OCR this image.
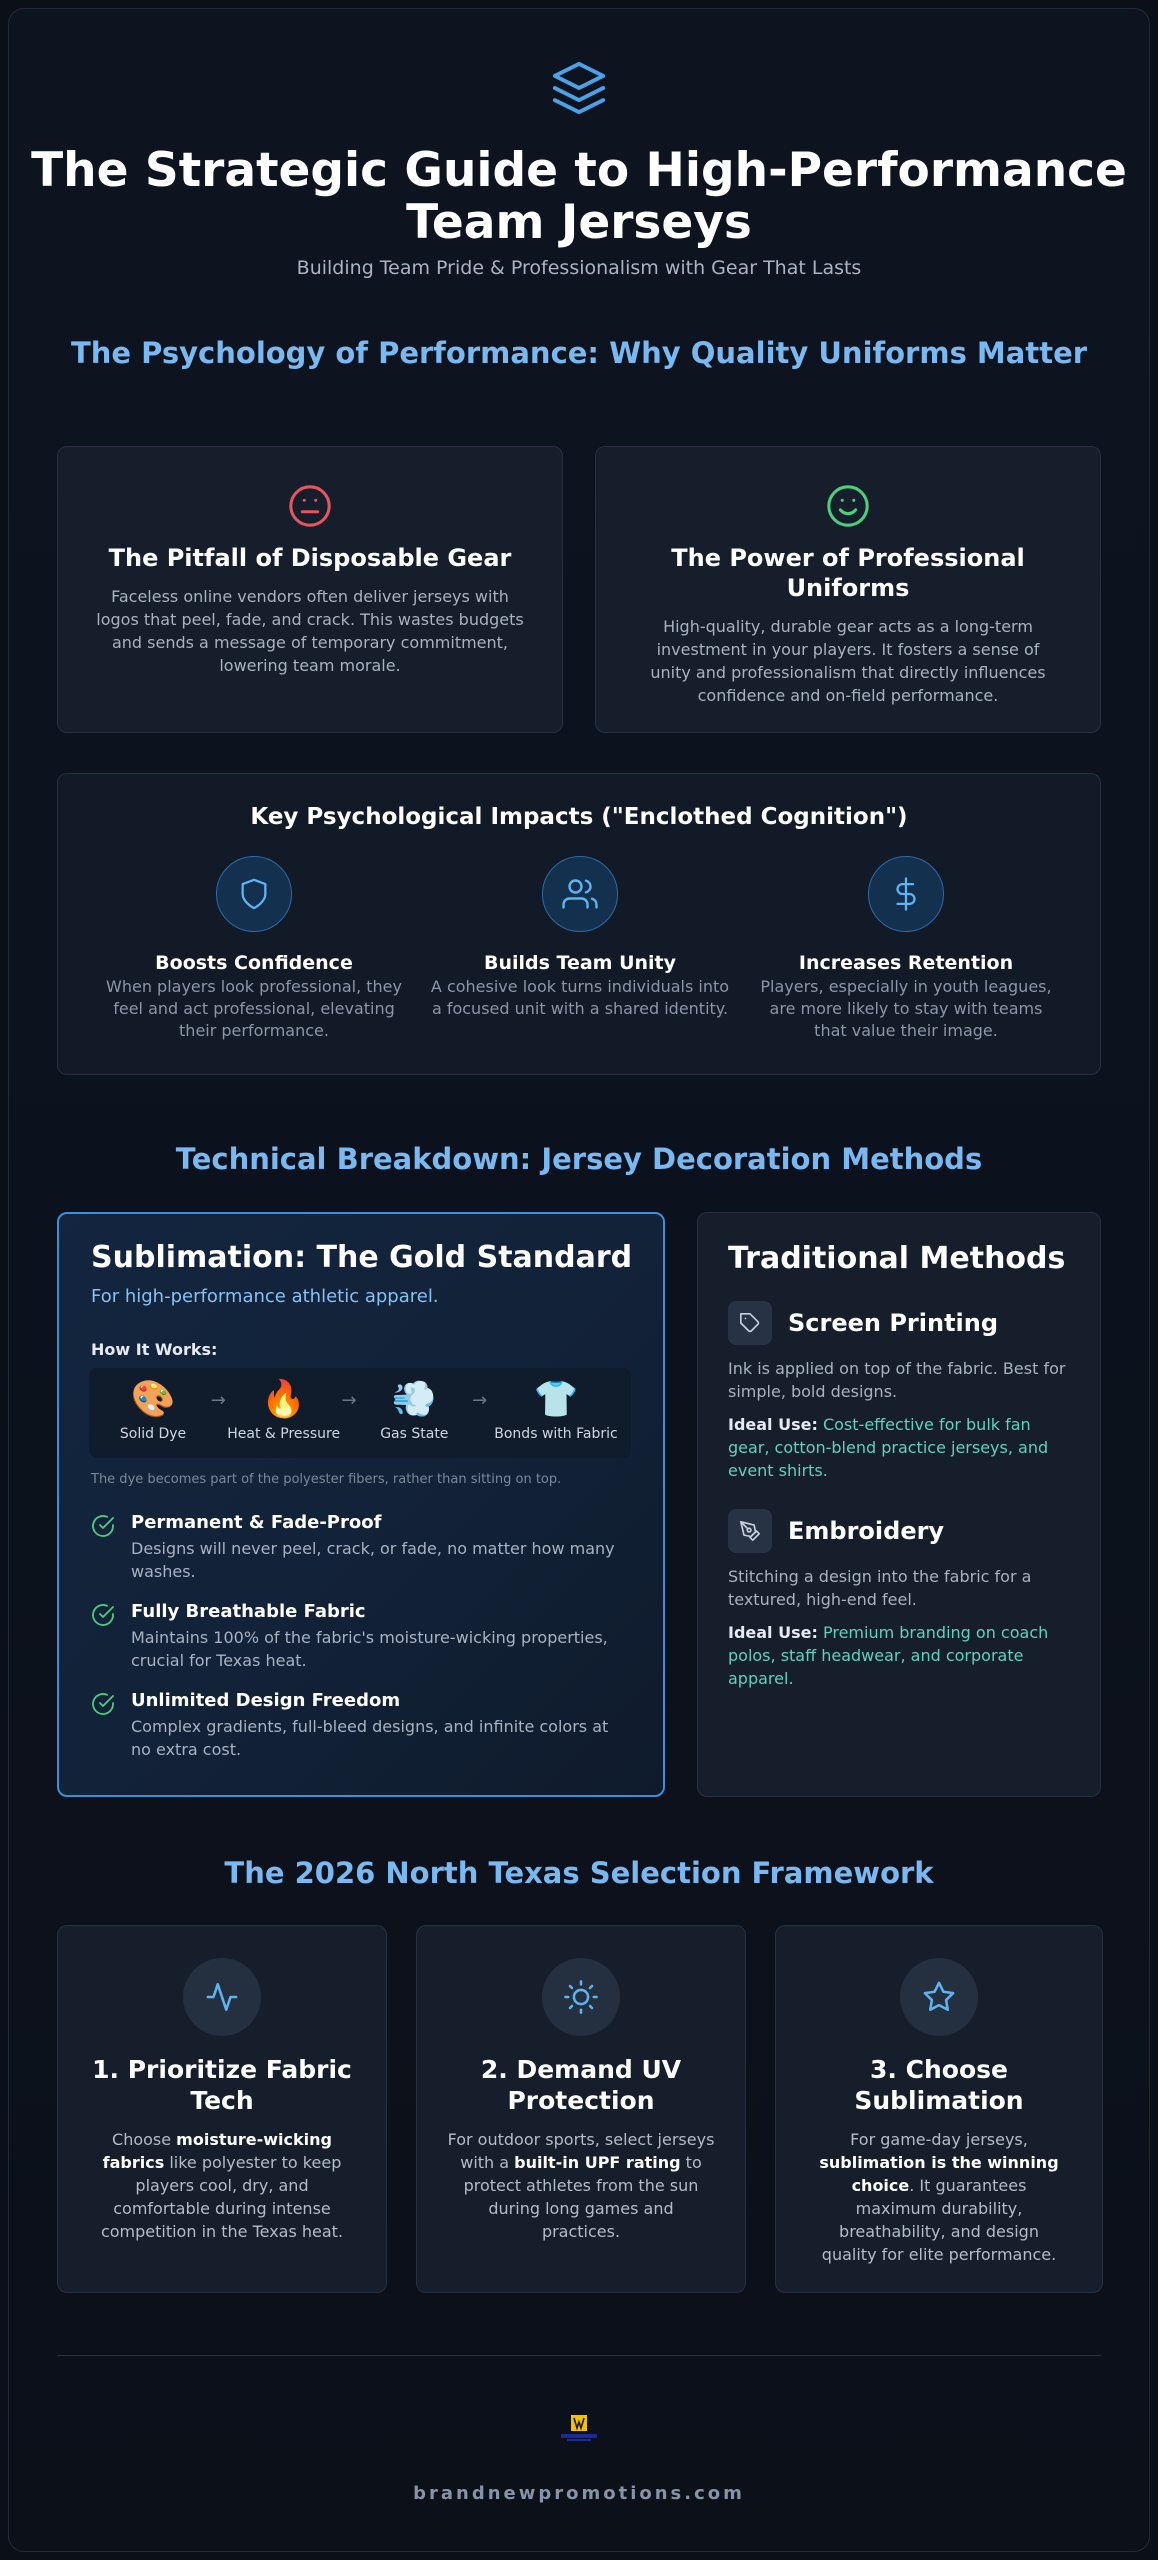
The Strategic Guide to High-Performance Team Jerseys
Building Team Pride & Professionalism with Gear That Lasts
The Psychology of Performance: Why Quality Uniforms Matter
The Pitfall of Disposable Gear
Faceless online vendors often deliver jerseys with logos that peel, fade, and crack. This wastes budgets and sends a message of temporary commitment, lowering team morale.
The Power of Professional Uniforms
High-quality, durable gear acts as a long-term investment in your players. It fosters a sense of unity and professionalism that directly influences confidence and on-field performance.
Key Psychological Impacts ("Enclothed Cognition")
Boosts Confidence
When players look professional, they feel and act professional, elevating their performance.
Builds Team Unity
A cohesive look turns individuals into a focused unit with a shared identity.
Increases Retention
Players, especially in youth leagues, are more likely to stay with teams that value their image.
Technical Breakdown: Jersey Decoration Methods
Sublimation: The Gold Standard
For high-performance athletic apparel.
How It Works:
🎨
Solid Dye
→ 🔥
Heat & Pressure
→ 💨
Gas State
→ 👕
Bonds with Fabric
The dye becomes part of the polyester fibers, rather than sitting on top.
Permanent & Fade-Proof
Designs will never peel, crack, or fade, no matter how many washes.
Fully Breathable Fabric
Maintains 100% of the fabric's moisture-wicking properties, crucial for Texas heat.
Unlimited Design Freedom
Complex gradients, full-bleed designs, and infinite colors at no extra cost.
Traditional Methods
Screen Printing
Ink is applied on top of the fabric. Best for simple, bold designs.
Ideal Use: Cost-effective for bulk fan gear, cotton-blend practice jerseys, and event shirts.
Embroidery
Stitching a design into the fabric for a textured, high-end feel.
Ideal Use: Premium branding on coach polos, staff headwear, and corporate apparel.
The 2026 North Texas Selection Framework
1. Prioritize Fabric Tech
Choose moisture-wicking fabrics like polyester to keep players cool, dry, and comfortable during intense competition in the Texas heat.
2. Demand UV Protection
For outdoor sports, select jerseys with a built-in UPF rating to protect athletes from the sun during long games and practices.
3. Choose Sublimation
For game-day jerseys, sublimation is the winning choice. It guarantees maximum durability, breathability, and design quality for elite performance.
brandnewpromotions.com
